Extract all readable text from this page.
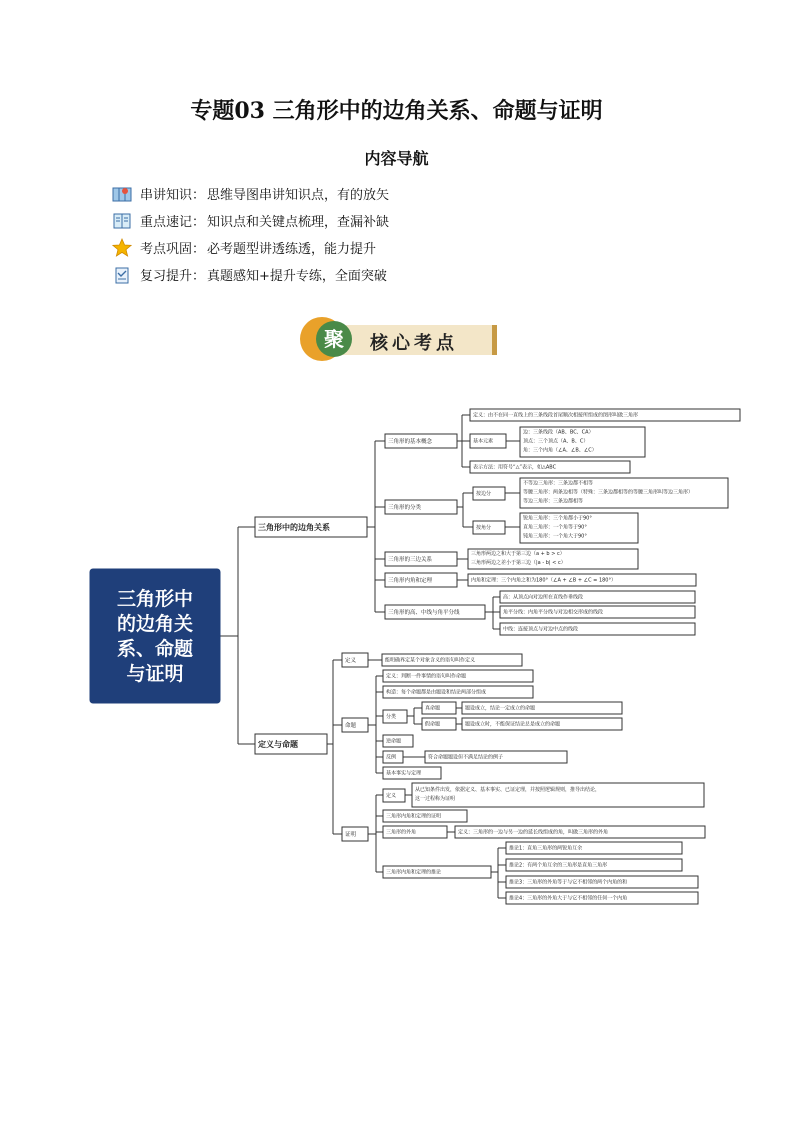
专题03 三角形中的边角关系、命题与证明
内容导航
串讲知识： 思维导图串讲知识点，有的放矢
重点速记： 知识点和关键点梳理，查漏补缺
考点巩固： 必考题型讲透练透，能力提升
复习提升： 真题感知+提升专练，全面突破
聚	核心考点
三角形中
的边角关
系、命题
与证明
三角形中的边角关系
定义与命题
三角形的基本概念
三角形的分类
三角形的三边关系
三角形内角和定理
三角形的高、中线与角平分线
定义：由不在同一直线上的三条线段首尾顺次相接所组成的图形叫做三角形
基本元素
边：三条线段（AB、BC、CA）
顶点：三个顶点（A、B、C）
角：三个内角（∠A、∠B、∠C）
表示方法：用符号“△”表示，如△ABC
按边分
不等边三角形：三条边都不相等
等腰三角形：两条边相等（特殊：三条边都相等的等腰三角形叫等边三角形）
等边三角形：三条边都相等
按角分
锐角三角形：三个角都小于90°
直角三角形：一个角等于90°
钝角三角形：一个角大于90°
三角形两边之和大于第三边（a + b > c）
三角形两边之差小于第三边（|a - b| < c）
内角和定理：三个内角之和为180°（∠A + ∠B + ∠C = 180°）
高：从顶点向对边所在直线作垂线段
角平分线：内角平分线与对边相交形成的线段
中线：连接顶点与对边中点的线段
定义
命题
证明
能明确界定某个对象含义的语句叫作定义
定义：判断一件事情的语句叫作命题
构造：每个命题都是由题设和结论两部分组成
分类
真命题
假命题
题设成立，结论一定成立的命题
题设成立时，不能保证结论总是成立的命题
逆命题
反例	符合命题题设但不满足结论的例子
基本事实与定理
定义
从已知条件出发，依据定义、基本事实、已证定理，并按照逻辑规则，推导出结论，
这一过程称为证明
三角形内角和定理的证明
三角形的外角	定义：三角形的一边与另一边的延长线组成的角，叫做三角形的外角
三角形内角和定理的推论
推论1：直角三角形的两锐角互余
推论2：有两个角互余的三角形是直角三角形
推论3：三角形的外角等于与它不相邻的两个内角的和
推论4：三角形的外角大于与它不相邻的任何一个内角
